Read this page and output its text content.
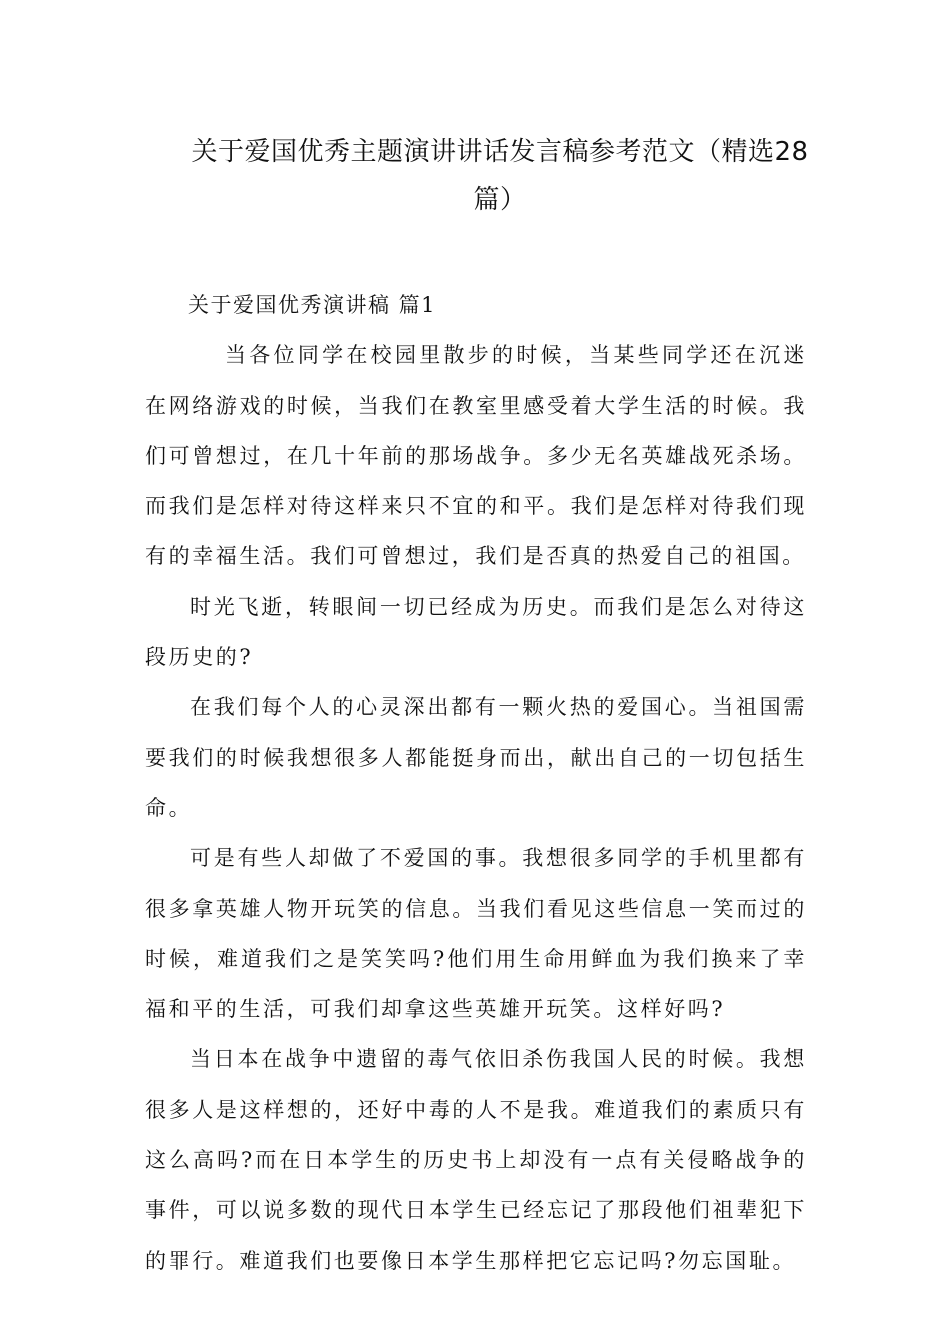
关于爱国优秀主题演讲讲话发言稿参考范文（精选28篇）
关于爱国优秀演讲稿 篇1

当各位同学在校园里散步的时候，当某些同学还在沉迷在网络游戏的时候，当我们在教室里感受着大学生活的时候。我们可曾想过，在几十年前的那场战争。多少无名英雄战死杀场。而我们是怎样对待这样来只不宜的和平。我们是怎样对待我们现有的幸福生活。我们可曾想过，我们是否真的热爱自己的祖国。

时光飞逝，转眼间一切已经成为历史。而我们是怎么对待这段历史的?

在我们每个人的心灵深出都有一颗火热的爱国心。当祖国需要我们的时候我想很多人都能挺身而出，献出自己的一切包括生命。

可是有些人却做了不爱国的事。我想很多同学的手机里都有很多拿英雄人物开玩笑的信息。当我们看见这些信息一笑而过的时候，难道我们之是笑笑吗?他们用生命用鲜血为我们换来了幸福和平的生活，可我们却拿这些英雄开玩笑。这样好吗?

当日本在战争中遗留的毒气依旧杀伤我国人民的时候。我想很多人是这样想的，还好中毒的人不是我。难道我们的素质只有这么高吗?而在日本学生的历史书上却没有一点有关侵略战争的事件，可以说多数的现代日本学生已经忘记了那段他们祖辈犯下的罪行。难道我们也要像日本学生那样把它忘记吗?勿忘国耻。
